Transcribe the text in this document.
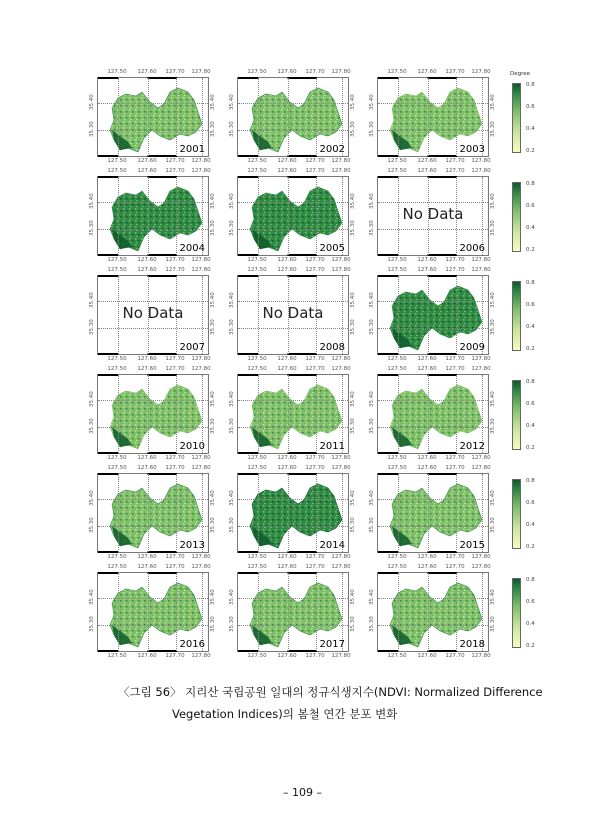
127.50 127.60 127.70 127.80
127.50 127.60 127.70 127.80
35.40
35.30
35.40
35.30
2001
127.50 127.60 127.70 127.80
127.50 127.60 127.70 127.80
35.40
35.30
35.40
35.30
2002
127.50 127.60 127.70 127.80
127.50 127.60 127.70 127.80
35.40
35.30
35.40
35.30
2003
Degree
0.8
0.6
0.4
0.2
127.50 127.60 127.70 127.80
127.50 127.60 127.70 127.80
35.40
35.30
35.40
35.30
2004
127.50 127.60 127.70 127.80
127.50 127.60 127.70 127.80
35.40
35.30
35.40
35.30
2005
127.50 127.60 127.70 127.80
127.50 127.60 127.70 127.80
35.40
35.30
35.40
35.30
No Data
2006
0.8
0.6
0.4
0.2
127.50 127.60 127.70 127.80
127.50 127.60 127.70 127.80
35.40
35.30
35.40
35.30
No Data
2007
127.50 127.60 127.70 127.80
127.50 127.60 127.70 127.80
35.40
35.30
35.40
35.30
No Data
2008
127.50 127.60 127.70 127.80
127.50 127.60 127.70 127.80
35.40
35.30
35.40
35.30
2009
0.8
0.6
0.4
0.2
127.50 127.60 127.70 127.80
127.50 127.60 127.70 127.80
35.40
35.30
35.40
35.30
2010
127.50 127.60 127.70 127.80
127.50 127.60 127.70 127.80
35.40
35.30
35.40
35.30
2011
127.50 127.60 127.70 127.80
127.50 127.60 127.70 127.80
35.40
35.30
35.40
35.30
2012
0.8
0.6
0.4
0.2
127.50 127.60 127.70 127.80
127.50 127.60 127.70 127.80
35.40
35.30
35.40
35.30
2013
127.50 127.60 127.70 127.80
127.50 127.60 127.70 127.80
35.40
35.30
35.40
35.30
2014
127.50 127.60 127.70 127.80
127.50 127.60 127.70 127.80
35.40
35.30
35.40
35.30
2015
0.8
0.6
0.4
0.2
127.50 127.60 127.70 127.80
127.50 127.60 127.70 127.80
35.40
35.30
35.40
35.30
2016
127.50 127.60 127.70 127.80
127.50 127.60 127.70 127.80
35.40
35.30
35.40
35.30
2017
127.50 127.60 127.70 127.80
127.50 127.60 127.70 127.80
35.40
35.30
35.40
35.30
2018
0.8
0.6
0.4
0.2
〈그림 56〉 지리산 국립공원 일대의 정규식생지수(NDVI: Normalized Difference
Vegetation Indices)의 봄철 연간 분포 변화
– 109 –
